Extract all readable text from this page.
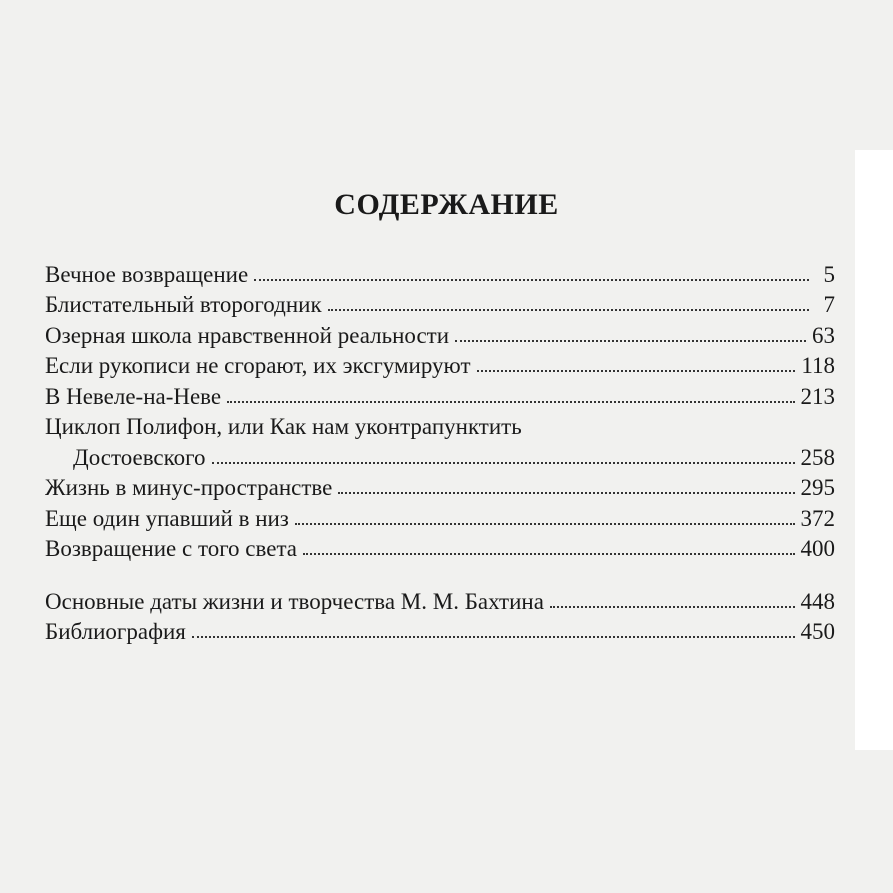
СОДЕРЖАНИЕ
Вечное возвращение	5
Блистательный второгодник	7
Озерная школа нравственной реальности	63
Если рукописи не сгорают, их эксгумируют	118
В Невеле-на-Неве	213
Циклоп Полифон, или Как нам уконтрапунктить
Достоевского	258
Жизнь в минус-пространстве	295
Еще один упавший в низ	372
Возвращение с того света	400
Основные даты жизни и творчества М. М. Бахтина	448
Библиография	450
